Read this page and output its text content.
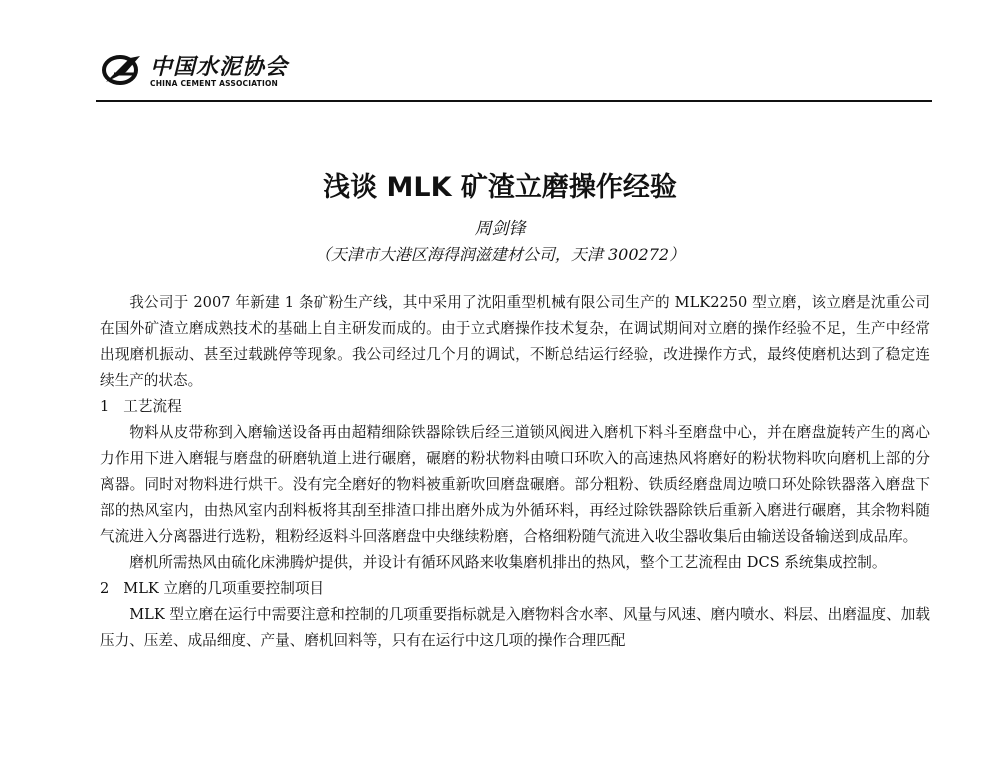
中国水泥协会
CHINA CEMENT ASSOCIATION
浅谈 MLK 矿渣立磨操作经验
周剑锋
（天津市大港区海得润滋建材公司，天津 300272）

我公司于 2007 年新建 1 条矿粉生产线，其中采用了沈阳重型机械有限公司生产的 MLK2250 型立磨，该立磨是沈重公司在国外矿渣立磨成熟技术的基础上自主研发而成的。由于立式磨操作技术复杂，在调试期间对立磨的操作经验不足，生产中经常出现磨机振动、甚至过载跳停等现象。我公司经过几个月的调试，不断总结运行经验，改进操作方式，最终使磨机达到了稳定连续生产的状态。

1 工艺流程

物料从皮带称到入磨输送设备再由超精细除铁器除铁后经三道锁风阀进入磨机下料斗至磨盘中心，并在磨盘旋转产生的离心力作用下进入磨辊与磨盘的研磨轨道上进行碾磨，碾磨的粉状物料由喷口环吹入的高速热风将磨好的粉状物料吹向磨机上部的分离器。同时对物料进行烘干。没有完全磨好的物料被重新吹回磨盘碾磨。部分粗粉、铁质经磨盘周边喷口环处除铁器落入磨盘下部的热风室内，由热风室内刮料板将其刮至排渣口排出磨外成为外循环料，再经过除铁器除铁后重新入磨进行碾磨，其余物料随气流进入分离器进行选粉，粗粉经返料斗回落磨盘中央继续粉磨，合格细粉随气流进入收尘器收集后由输送设备输送到成品库。

磨机所需热风由硫化床沸腾炉提供，并设计有循环风路来收集磨机排出的热风，整个工艺流程由 DCS 系统集成控制。

2 MLK 立磨的几项重要控制项目

MLK 型立磨在运行中需要注意和控制的几项重要指标就是入磨物料含水率、风量与风速、磨内喷水、料层、出磨温度、加载压力、压差、成品细度、产量、磨机回料等，只有在运行中这几项的操作合理匹配
